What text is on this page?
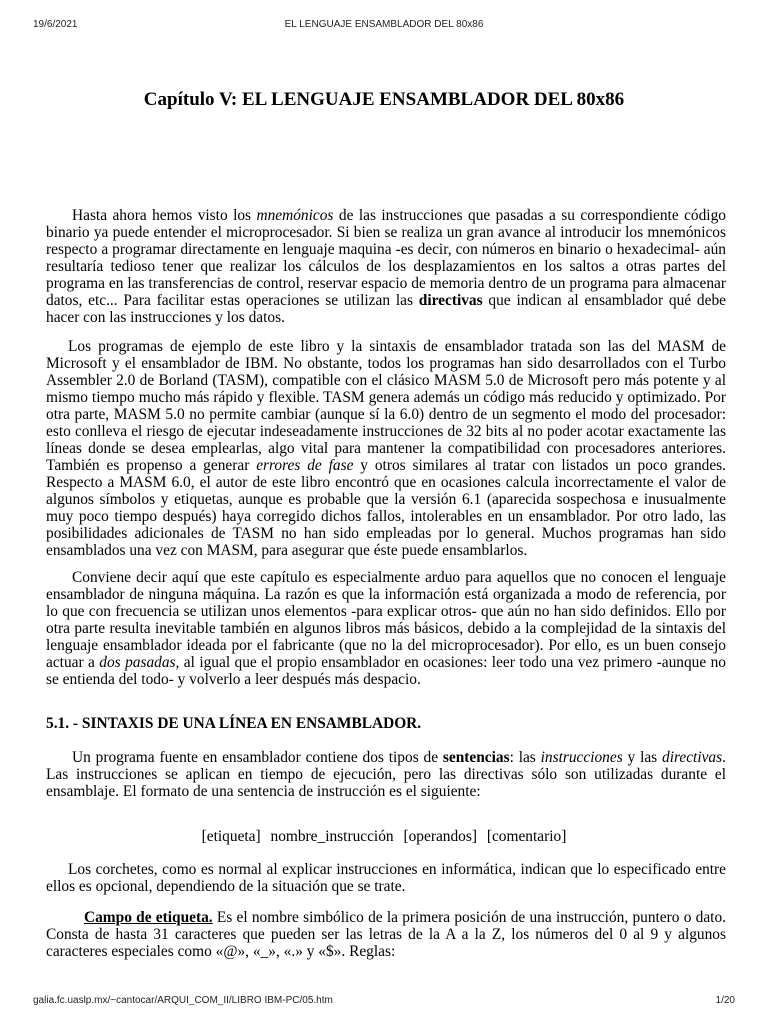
19/6/2021	EL LENGUAJE ENSAMBLADOR DEL 80x86
Capítulo V: EL LENGUAJE ENSAMBLADOR DEL 80x86

Hasta ahora hemos visto los mnemónicos de las instrucciones que pasadas a su correspondiente código binario ya puede entender el microprocesador. Si bien se realiza un gran avance al introducir los mnemónicos respecto a programar directamente en lenguaje maquina -es decir, con números en binario o hexadecimal- aún resultaría tedioso tener que realizar los cálculos de los desplazamientos en los saltos a otras partes del programa en las transferencias de control, reservar espacio de memoria dentro de un programa para almacenar datos, etc... Para facilitar estas operaciones se utilizan las directivas que indican al ensamblador qué debe hacer con las instrucciones y los datos.

Los programas de ejemplo de este libro y la sintaxis de ensamblador tratada son las del MASM de Microsoft y el ensamblador de IBM. No obstante, todos los programas han sido desarrollados con el Turbo Assembler 2.0 de Borland (TASM), compatible con el clásico MASM 5.0 de Microsoft pero más potente y al mismo tiempo mucho más rápido y flexible. TASM genera además un código más reducido y optimizado. Por otra parte, MASM 5.0 no permite cambiar (aunque sí la 6.0) dentro de un segmento el modo del procesador: esto conlleva el riesgo de ejecutar indeseadamente instrucciones de 32 bits al no poder acotar exactamente las líneas donde se desea emplearlas, algo vital para mantener la compatibilidad con procesadores anteriores. También es propenso a generar errores de fase y otros similares al tratar con listados un poco grandes. Respecto a MASM 6.0, el autor de este libro encontró que en ocasiones calcula incorrectamente el valor de algunos símbolos y etiquetas, aunque es probable que la versión 6.1 (aparecida sospechosa e inusualmente muy poco tiempo después) haya corregido dichos fallos, intolerables en un ensamblador. Por otro lado, las posibilidades adicionales de TASM no han sido empleadas por lo general. Muchos programas han sido ensamblados una vez con MASM, para asegurar que éste puede ensamblarlos.

Conviene decir aquí que este capítulo es especialmente arduo para aquellos que no conocen el lenguaje ensamblador de ninguna máquina. La razón es que la información está organizada a modo de referencia, por lo que con frecuencia se utilizan unos elementos -para explicar otros- que aún no han sido definidos. Ello por otra parte resulta inevitable también en algunos libros más básicos, debido a la complejidad de la sintaxis del lenguaje ensamblador ideada por el fabricante (que no la del microprocesador). Por ello, es un buen consejo actuar a dos pasadas, al igual que el propio ensamblador en ocasiones: leer todo una vez primero -aunque no se entienda del todo- y volverlo a leer después más despacio.

5.1. - SINTAXIS DE UNA LÍNEA EN ENSAMBLADOR.

Un programa fuente en ensamblador contiene dos tipos de sentencias: las instrucciones y las directivas. Las instrucciones se aplican en tiempo de ejecución, pero las directivas sólo son utilizadas durante el ensamblaje. El formato de una sentencia de instrucción es el siguiente:

[etiqueta] nombre_instrucción [operandos] [comentario]

Los corchetes, como es normal al explicar instrucciones en informática, indican que lo especificado entre ellos es opcional, dependiendo de la situación que se trate.

Campo de etiqueta. Es el nombre simbólico de la primera posición de una instrucción, puntero o dato. Consta de hasta 31 caracteres que pueden ser las letras de la A a la Z, los números del 0 al 9 y algunos caracteres especiales como «@», «_», «.» y «$». Reglas:

galia.fc.uaslp.mx/~cantocar/ARQUI_COM_II/LIBRO IBM-PC/05.htm	1/20
